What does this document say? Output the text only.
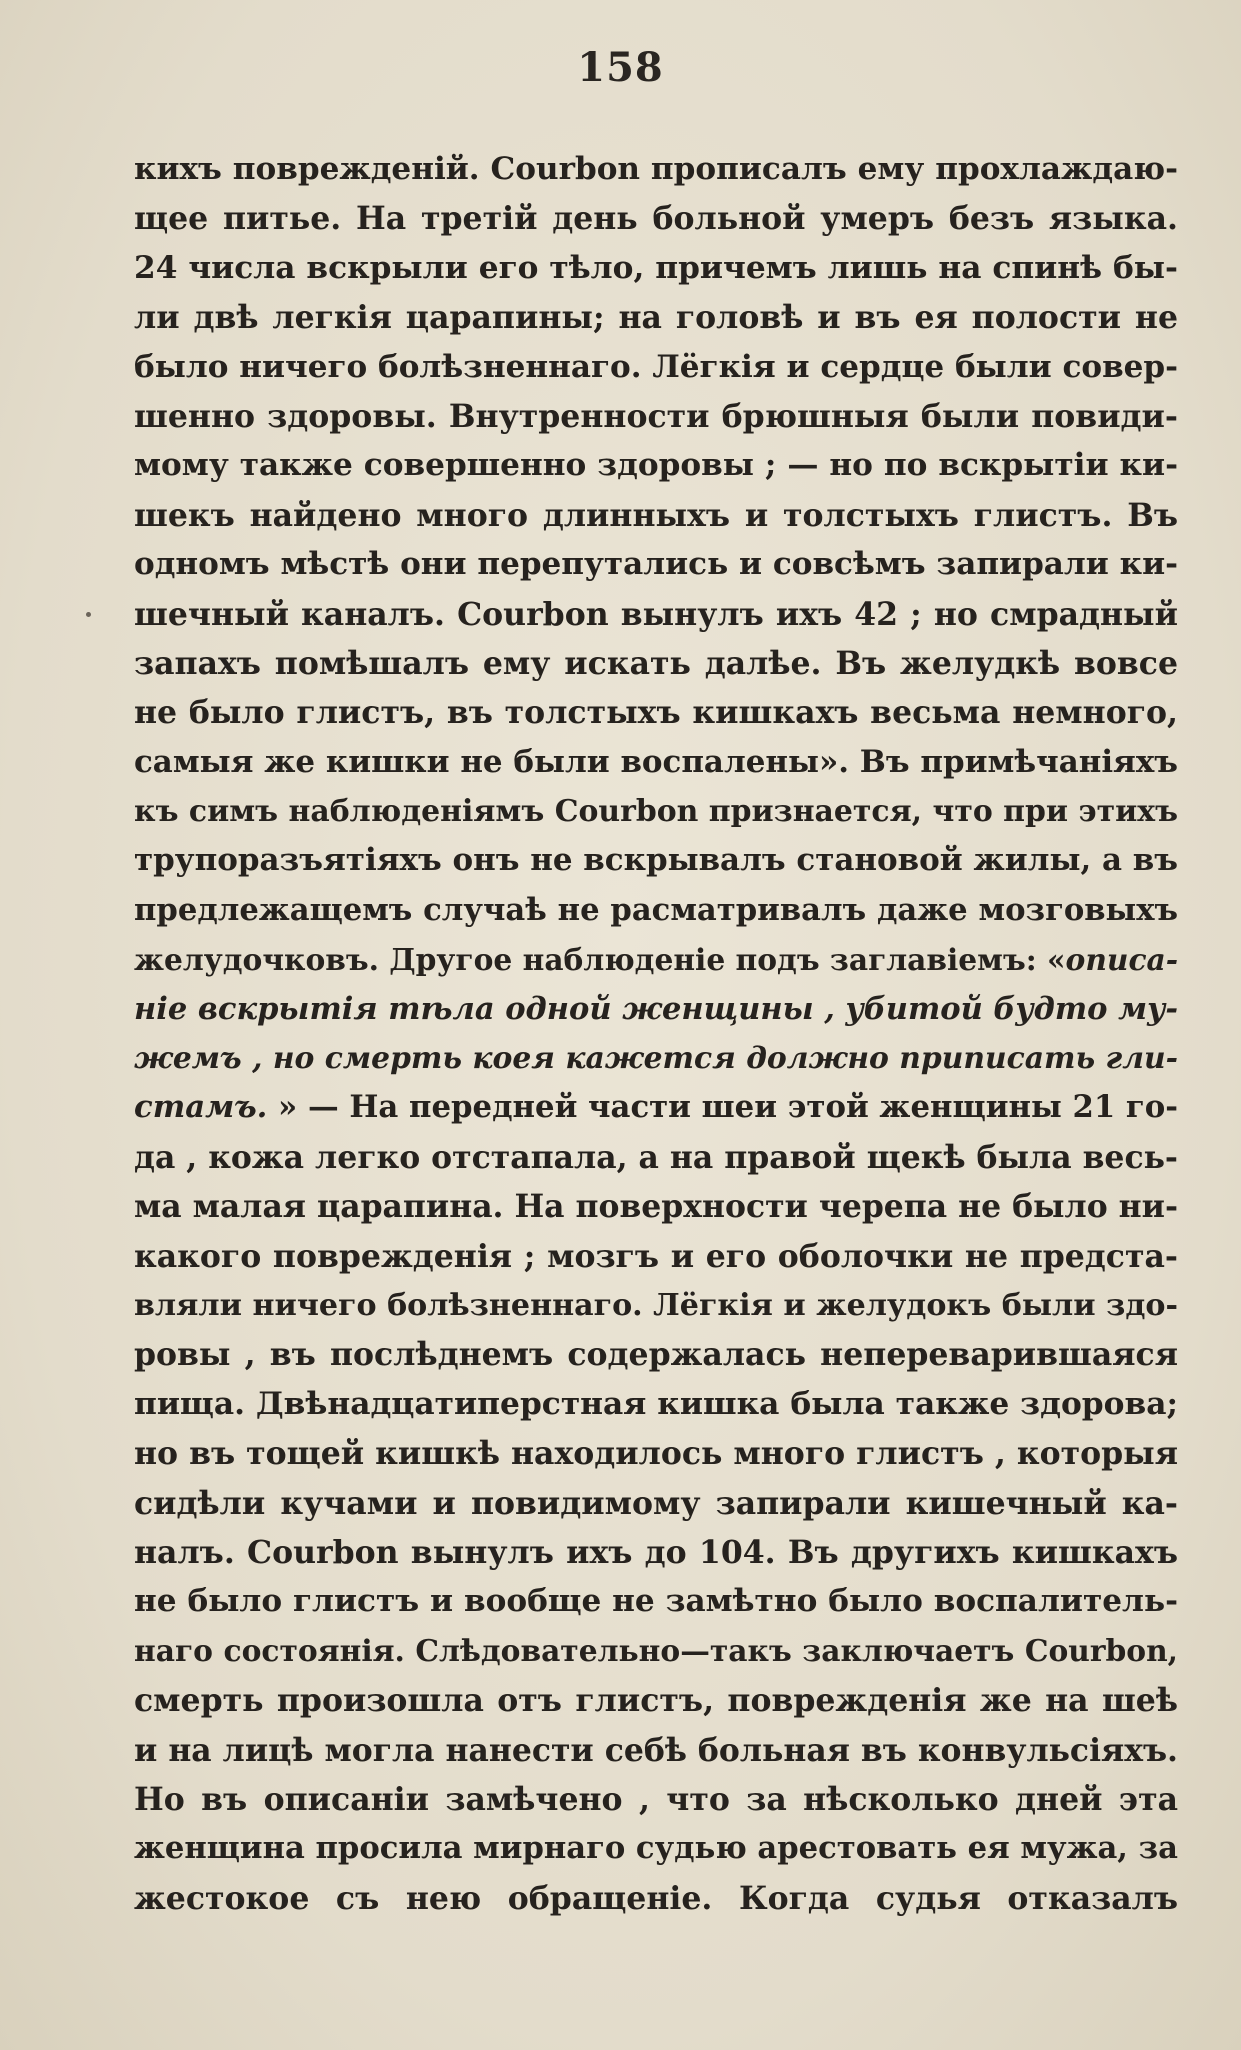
158
кихъ поврежденій. Courbon прописалъ ему прохлаждаю-
щее питье. На третій день больной умеръ безъ языка.
24 числа вскрыли его тѣло, причемъ лишь на спинѣ бы-
ли двѣ легкія царапины; на головѣ и въ ея полости не
было ничего болѣзненнаго. Лёгкія и сердце были совер-
шенно здоровы. Внутренности брюшныя были повиди-
мому также совершенно здоровы ; — но по вскрытіи ки-
шекъ найдено много длинныхъ и толстыхъ глистъ. Въ
одномъ мѣстѣ они перепутались и совсѣмъ запирали ки-
шечный каналъ. Courbon вынулъ ихъ 42 ; но смрадный
запахъ помѣшалъ ему искать далѣе. Въ желудкѣ вовсе
не было глистъ, въ толстыхъ кишкахъ весьма немного,
самыя же кишки не были воспалены». Въ примѣчаніяхъ
къ симъ наблюденіямъ Courbon признается, что при этихъ
трупоразъятіяхъ онъ не вскрывалъ становой жилы, а въ
предлежащемъ случаѣ не расматривалъ даже мозговыхъ
желудочковъ. Другое наблюденіе подъ заглавіемъ: «описа-
ніе вскрытія тѣла одной женщины , убитой будто му-
жемъ , но смерть коея кажется должно приписать гли-
стамъ. » — На передней части шеи этой женщины 21 го-
да , кожа легко отстапала, а на правой щекѣ была весь-
ма малая царапина. На поверхности черепа не было ни-
какого поврежденія ; мозгъ и его оболочки не предста-
вляли ничего болѣзненнаго. Лёгкія и желудокъ были здо-
ровы , въ послѣднемъ содержалась непереварившаяся
пища. Двѣнадцатиперстная кишка была также здорова;
но въ тощей кишкѣ находилось много глистъ , которыя
сидѣли кучами и повидимому запирали кишечный ка-
налъ. Courbon вынулъ ихъ до 104. Въ другихъ кишкахъ
не было глистъ и вообще не замѣтно было воспалитель-
наго состоянія. Слѣдовательно—такъ заключаетъ Courbon,
смерть произошла отъ глистъ, поврежденія же на шеѣ
и на лицѣ могла нанести себѣ больная въ конвульсіяхъ.
Но въ описаніи замѣчено , что за нѣсколько дней эта
женщина просила мирнаго судью арестовать ея мужа, за
жестокое съ нею обращеніе. Когда судья отказалъ
